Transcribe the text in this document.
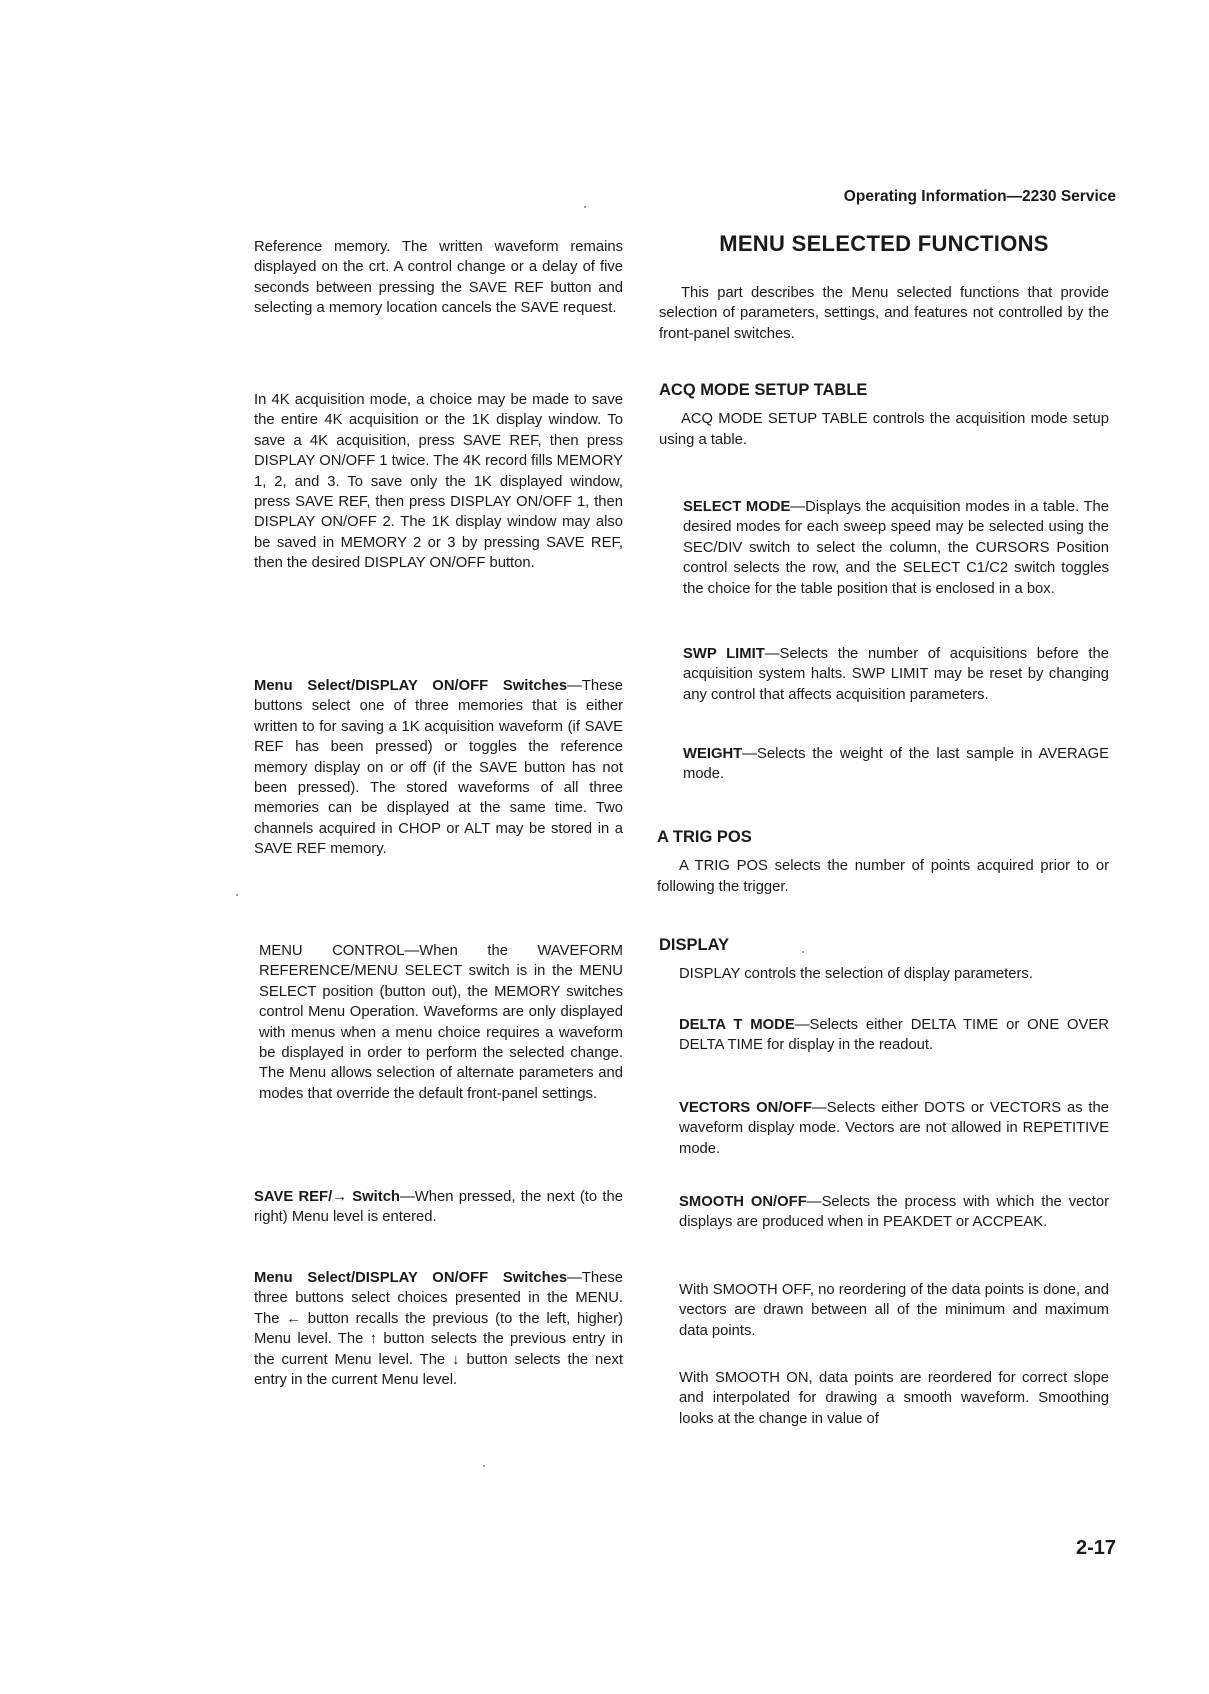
Operating Information—2230 Service

Reference memory. The written waveform remains displayed on the crt. A control change or a delay of five seconds between pressing the SAVE REF button and selecting a memory location cancels the SAVE request.

In 4K acquisition mode, a choice may be made to save the entire 4K acquisition or the 1K display window. To save a 4K acquisition, press SAVE REF, then press DISPLAY ON/OFF 1 twice. The 4K record fills MEMORY 1, 2, and 3. To save only the 1K displayed window, press SAVE REF, then press DISPLAY ON/OFF 1, then DISPLAY ON/OFF 2. The 1K display window may also be saved in MEMORY 2 or 3 by pressing SAVE REF, then the desired DISPLAY ON/OFF button.

Menu Select/DISPLAY ON/OFF Switches—These buttons select one of three memories that is either written to for saving a 1K acquisition waveform (if SAVE REF has been pressed) or toggles the reference memory display on or off (if the SAVE button has not been pressed). The stored waveforms of all three memories can be displayed at the same time. Two channels acquired in CHOP or ALT may be stored in a SAVE REF memory.

MENU CONTROL—When the WAVEFORM REFERENCE/MENU SELECT switch is in the MENU SELECT position (button out), the MEMORY switches control Menu Operation. Waveforms are only displayed with menus when a menu choice requires a waveform be displayed in order to perform the selected change. The Menu allows selection of alternate parameters and modes that override the default front-panel settings.

SAVE REF/→ Switch—When pressed, the next (to the right) Menu level is entered.

Menu Select/DISPLAY ON/OFF Switches—These three buttons select choices presented in the MENU. The ← button recalls the previous (to the left, higher) Menu level. The ↑ button selects the previous entry in the current Menu level. The ↓ button selects the next entry in the current Menu level.

MENU SELECTED FUNCTIONS

This part describes the Menu selected functions that provide selection of parameters, settings, and features not controlled by the front-panel switches.

ACQ MODE SETUP TABLE

ACQ MODE SETUP TABLE controls the acquisition mode setup using a table.

SELECT MODE—Displays the acquisition modes in a table. The desired modes for each sweep speed may be selected using the SEC/DIV switch to select the column, the CURSORS Position control selects the row, and the SELECT C1/C2 switch toggles the choice for the table position that is enclosed in a box.

SWP LIMIT—Selects the number of acquisitions before the acquisition system halts. SWP LIMIT may be reset by changing any control that affects acquisition parameters.

WEIGHT—Selects the weight of the last sample in AVERAGE mode.

A TRIG POS

A TRIG POS selects the number of points acquired prior to or following the trigger.

DISPLAY

DISPLAY controls the selection of display parameters.

DELTA T MODE—Selects either DELTA TIME or ONE OVER DELTA TIME for display in the readout.

VECTORS ON/OFF—Selects either DOTS or VECTORS as the waveform display mode. Vectors are not allowed in REPETITIVE mode.

SMOOTH ON/OFF—Selects the process with which the vector displays are produced when in PEAKDET or ACCPEAK.

With SMOOTH OFF, no reordering of the data points is done, and vectors are drawn between all of the minimum and maximum data points.

With SMOOTH ON, data points are reordered for correct slope and interpolated for drawing a smooth waveform. Smoothing looks at the change in value of

2-17
